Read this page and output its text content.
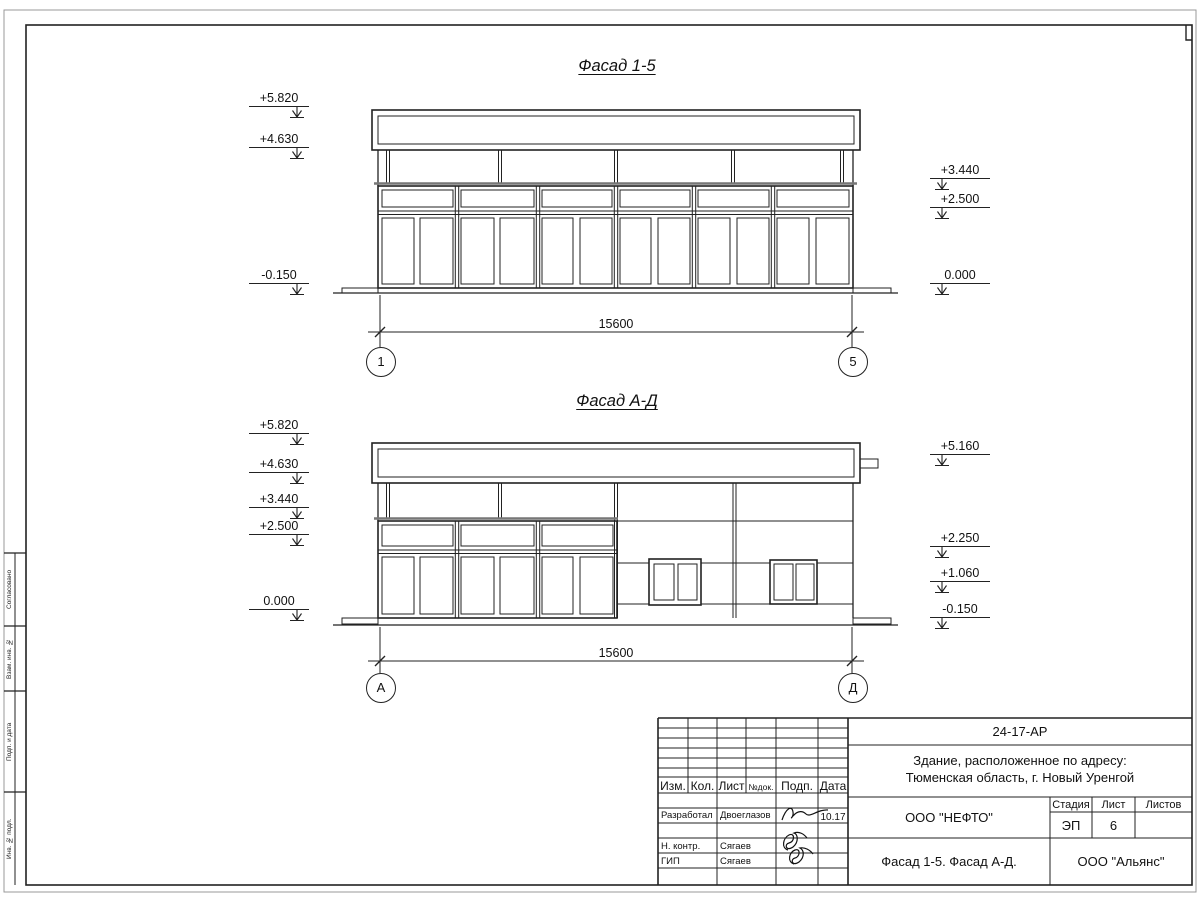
Фасад 1-5
Фасад А-Д
+5.820
+4.630
-0.150
+3.440
+2.500
0.000
+5.820
+4.630
+3.440
+2.500
0.000
+5.160
+2.250
+1.060
-0.150
15600
15600
1	5
А	Д
Согласовано
Взам. инв. №
Подп. и дата
Инв. № подл.
24-17-АР
Здание, расположенное по адресу:
Тюменская область, г. Новый Уренгой
Изм. Кол. Лист №док. Подп. Дата
Разработал Двоеглазов	10.17
Н. контр.	Сягаев
ГИП	Сягаев
ООО "НЕФТО"
Стадия	Лист	Листов
ЭП	6
Фасад 1-5. Фасад А-Д.	ООО "Альянс"
